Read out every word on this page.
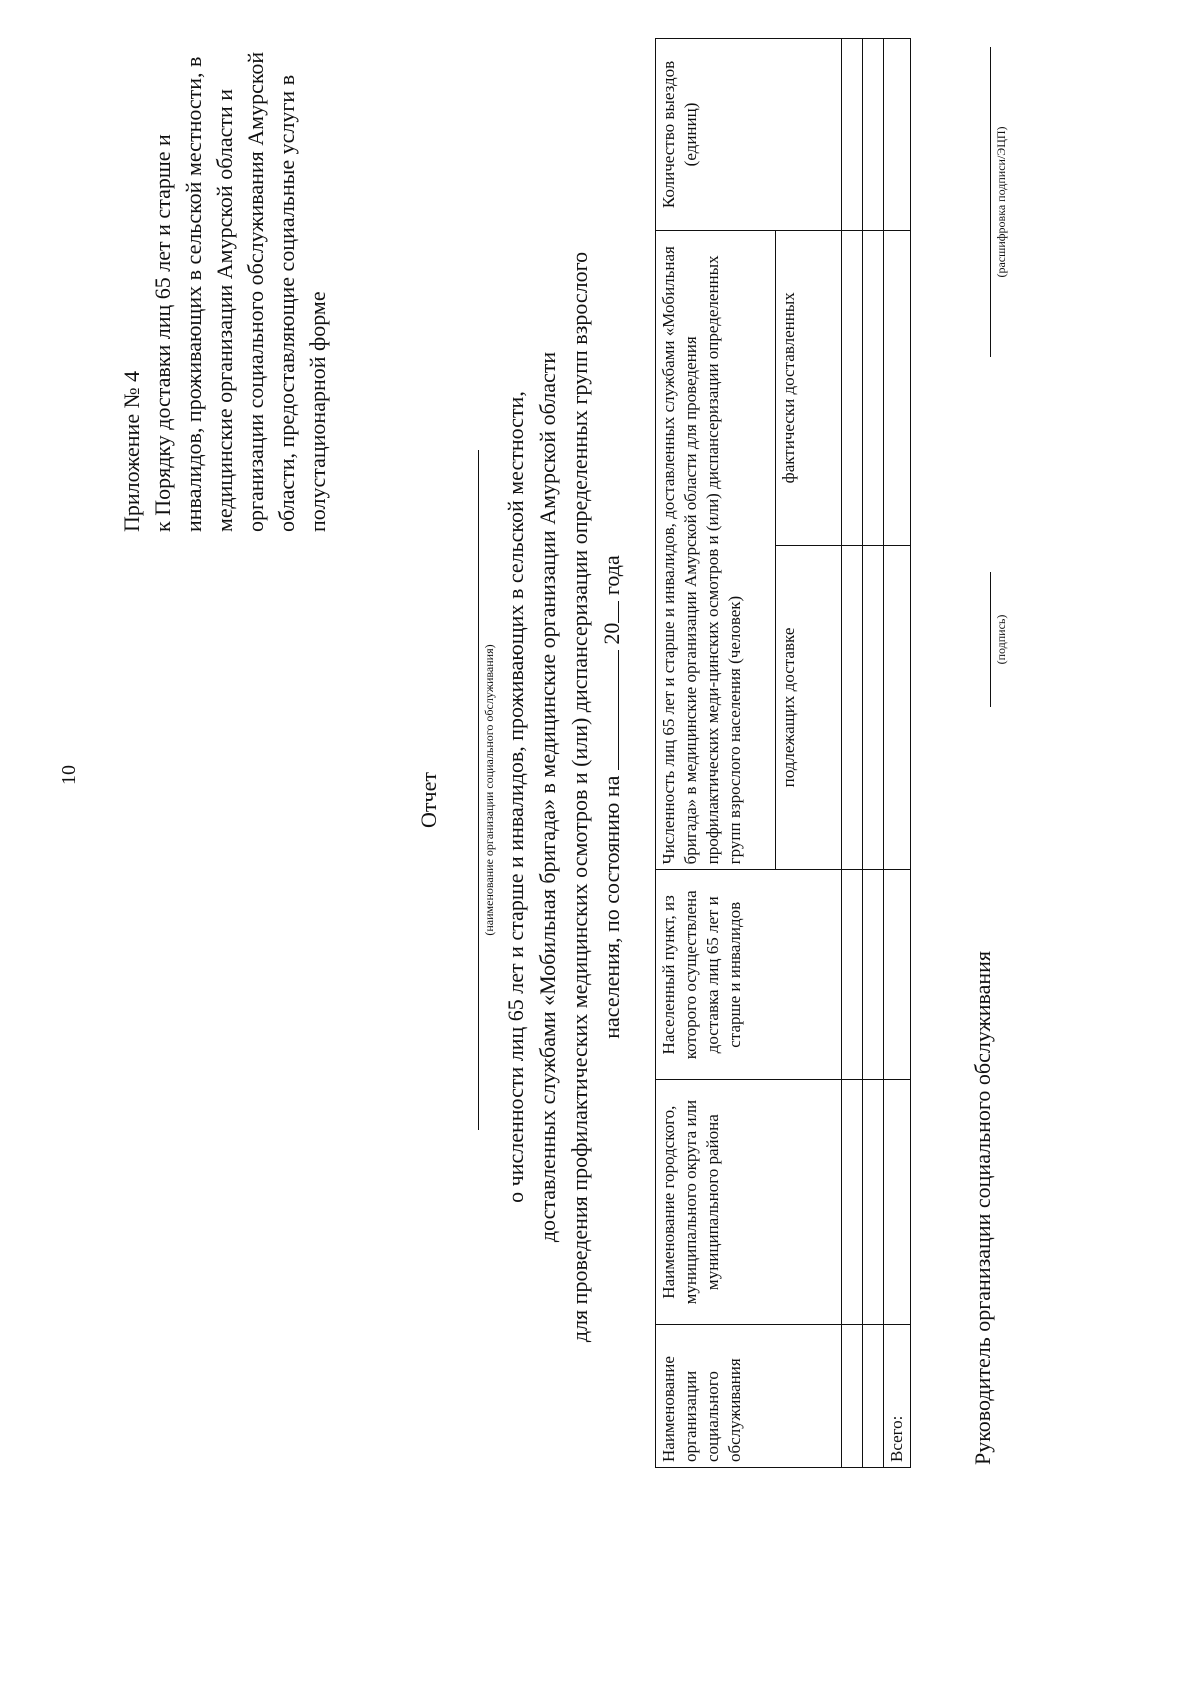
10
Приложение № 4 к Порядку доставки лиц 65 лет и старше и инвалидов, проживающих в сельской местности, в медицинские организации Амурской области и организации социального обслуживания Амурской области, предоставляющие социальные услуги в полустационарной форме
Отчет	(наименование организации социального обслуживания) о численности лиц 65 лет и старше и инвалидов, проживающих в сельской местности, доставленных службами «Мобильная бригада» в медицинские организации Амурской области для проведения профилактических медицинских осмотров и (или) диспансеризации определенных групп взрослого населения, по состоянию на  20 года
Наименование организации социального обслуживания	Наименование городского, муниципального округа или муниципального района	Населенный пункт, из которого осуществлена доставка лиц 65 лет и старше и инвалидов	Численность лиц 65 лет и старше и инвалидов, доставленных службами «Мобильная бригада» в медицинские организации Амурской области для проведения профилактических меди-цинских осмотров и (или) диспансеризации определенных групп взрослого населения (человек)		Количество выездов (единиц)
			подлежащих доставке	фактически доставленных	

Всего:						Руководитель организации социального обслуживания
(подпись)
(расшифровка подписи/ЭЦП)
